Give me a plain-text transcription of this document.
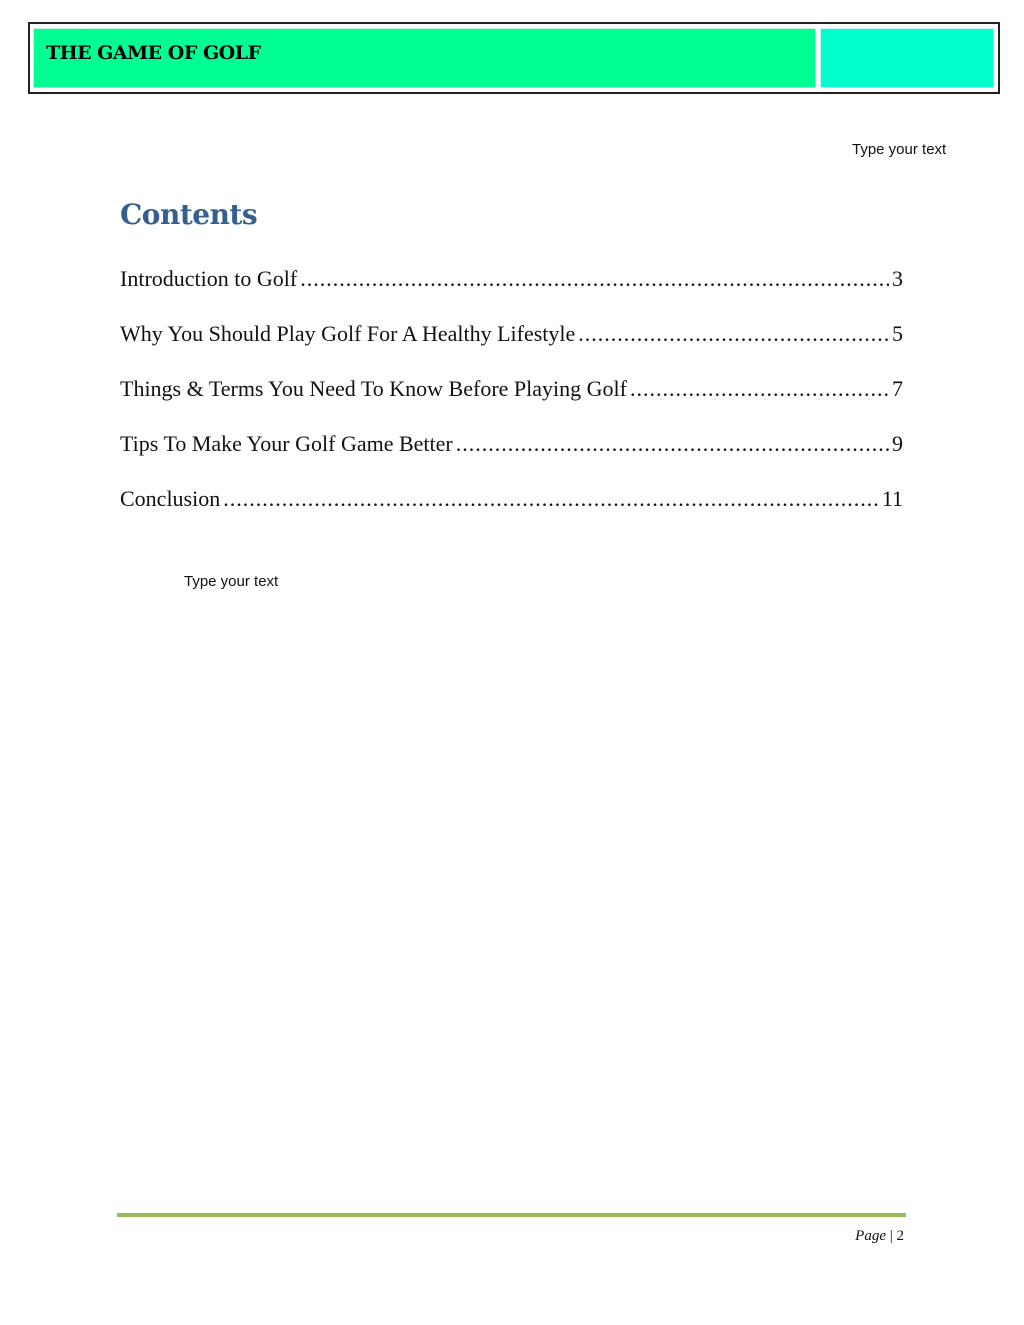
THE GAME OF GOLF
Type your text
Contents
Introduction to Golf .....	3
Why You Should Play Golf For A Healthy Lifestyle .....	5
Things & Terms You Need To Know Before Playing Golf .....	7
Tips To Make Your Golf Game Better .....	9
Conclusion .....	11
Type your text
Page | 2
